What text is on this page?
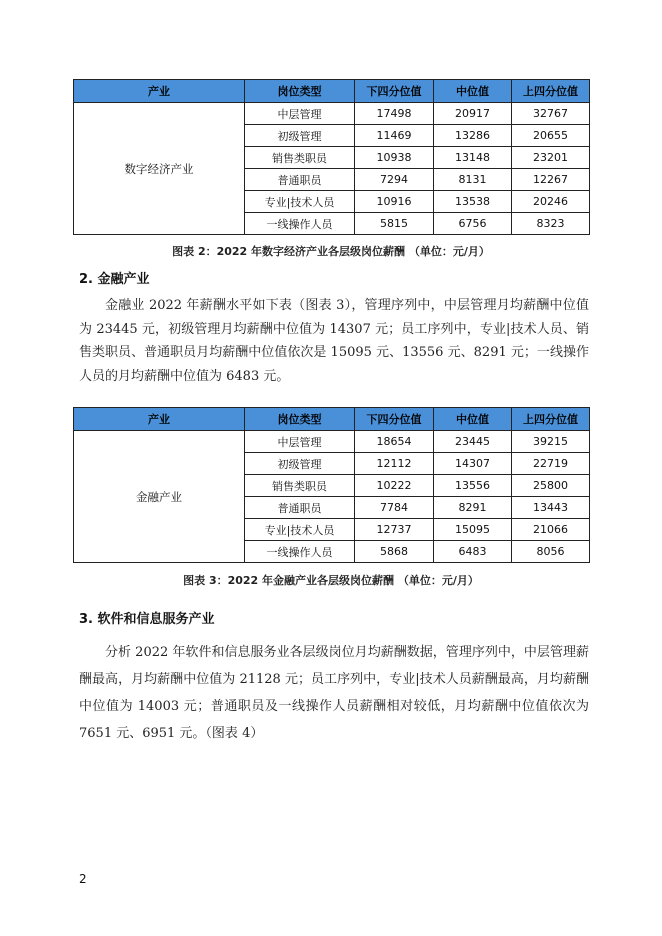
产业	岗位类型	下四分位值	中位值	上四分位值
数字经济产业	中层管理	17498	20917	32767
	初级管理	11469	13286	20655
	销售类职员	10938	13148	23201
	普通职员	7294	8131	12267
	专业|技术人员	10916	13538	20246
	一线操作人员	5815	6756	8323
图表 2：2022 年数字经济产业各层级岗位薪酬 （单位：元/月）
2. 金融产业

金融业 2022 年薪酬水平如下表（图表 3），管理序列中，中层管理月均薪酬中位值为 23445 元，初级管理月均薪酬中位值为 14307 元；员工序列中，专业|技术人员、销售类职员、普通职员月均薪酬中位值依次是 15095 元、13556 元、8291 元；一线操作人员的月均薪酬中位值为 6483 元。

产业	岗位类型	下四分位值	中位值	上四分位值
金融产业	中层管理	18654	23445	39215
	初级管理	12112	14307	22719
	销售类职员	10222	13556	25800
	普通职员	7784	8291	13443
	专业|技术人员	12737	15095	21066
	一线操作人员	5868	6483	8056
图表 3：2022 年金融产业各层级岗位薪酬 （单位：元/月）
3. 软件和信息服务产业

分析 2022 年软件和信息服务业各层级岗位月均薪酬数据，管理序列中，中层管理薪酬最高，月均薪酬中位值为 21128 元；员工序列中，专业|技术人员薪酬最高，月均薪酬中位值为 14003 元；普通职员及一线操作人员薪酬相对较低，月均薪酬中位值依次为 7651 元、6951 元。（图表 4）

2
